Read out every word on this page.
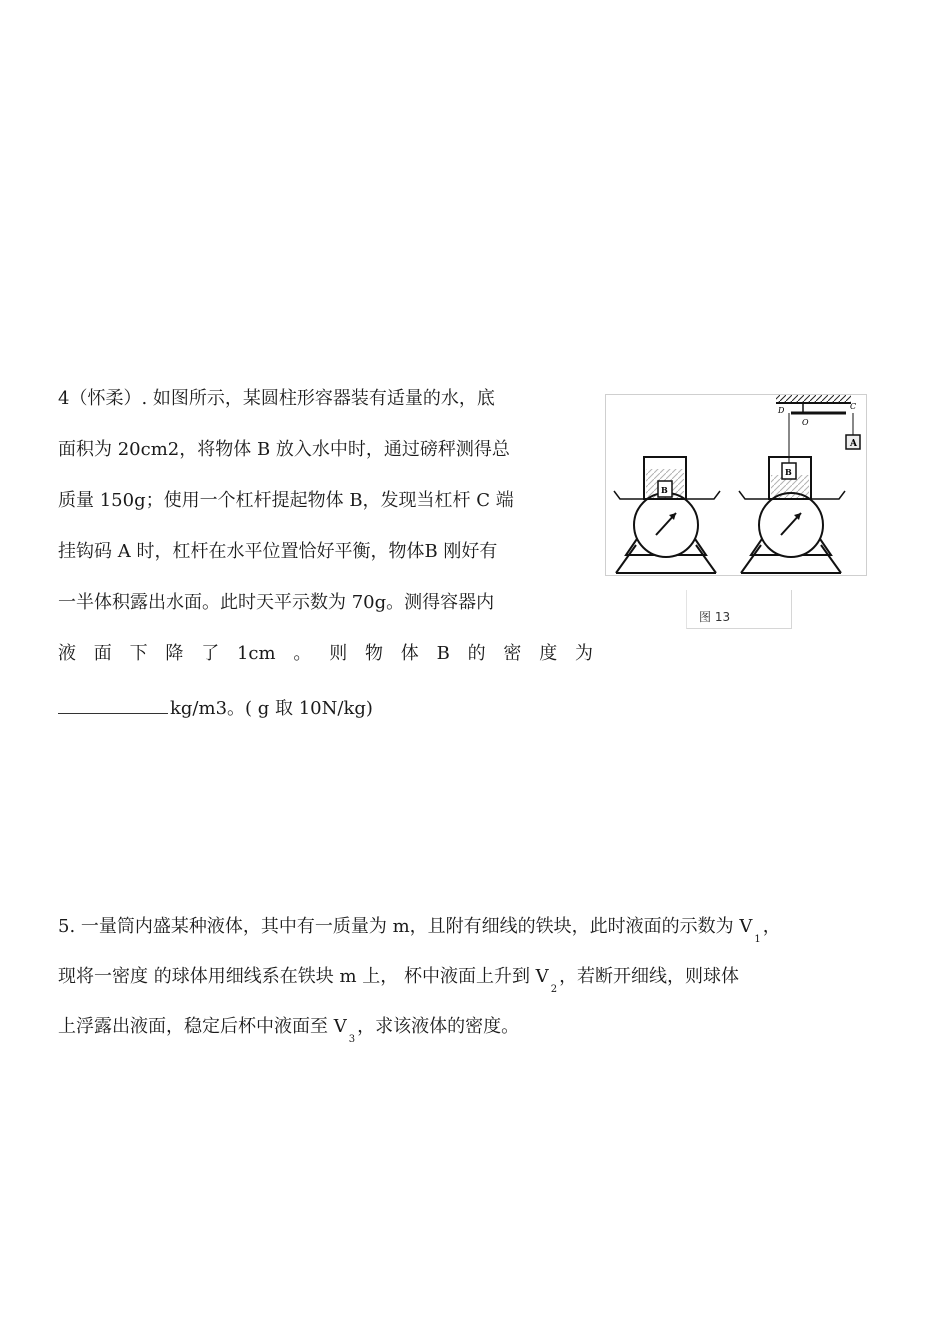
4（怀柔）. 如图所示，某圆柱形容器装有适量的水，底
面积为 20cm2，将物体 B 放入水中时，通过磅秤测得总
质量 150g；使用一个杠杆提起物体 B，发现当杠杆 C 端
挂钩码 A 时，杠杆在水平位置恰好平衡，物体B 刚好有
一半体积露出水面。此时天平示数为 70g。测得容器内
液 面 下 降 了 1cm 。 则 物 体 B 的 密 度 为
kg/m3。( g 取 10N/kg)
D
O
C
A
B
B
图 13
5. 一量筒内盛某种液体，其中有一质量为 m，且附有细线的铁块，此时液面的示数为 $V_1$，
现将一密度 的球体用细线系在铁块 m 上， 杯中液面上升到 $V_2$，若断开细线，则球体
上浮露出液面，稳定后杯中液面至 $V_3$，求该液体的密度。
